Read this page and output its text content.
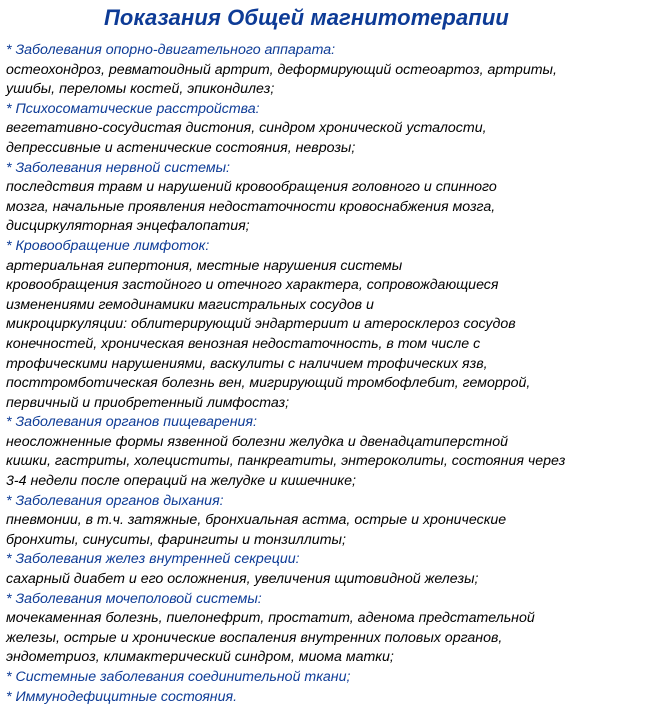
Показания Общей магнитотерапии
* Заболевания опорно-двигательного аппарата:
остеохондроз, ревматоидный артрит, деформирующий остеоартоз, артриты,
ушибы, переломы костей, эпикондилез;
* Психосоматические расстройства:
вегетативно-сосудистая дистония, синдром хронической усталости,
депрессивные и астенические состояния, неврозы;
* Заболевания нервной системы:
последствия травм и нарушений кровообращения головного и спинного
мозга, начальные проявления недостаточности кровоснабжения мозга,
дисциркуляторная энцефалопатия;
* Кровообращение лимфоток:
артериальная гипертония, местные нарушения системы
кровообращения застойного и отечного характера, сопровождающиеся
изменениями гемодинамики магистральных сосудов и
микроциркуляции: облитерирующий эндартериит и атеросклероз сосудов
конечностей, хроническая венозная недостаточность, в том числе с
трофическими нарушениями, васкулиты с наличием трофических язв,
посттромботическая болезнь вен, мигрирующий тромбофлебит, геморрой,
первичный и приобретенный лимфостаз;
* Заболевания органов пищеварения:
неосложненные формы язвенной болезни желудка и двенадцатиперстной
кишки, гастриты, холециститы, панкреатиты, энтероколиты, состояния через
3-4 недели после операций на желудке и кишечнике;
* Заболевания органов дыхания:
пневмонии, в т.ч. затяжные, бронхиальная астма, острые и хронические
бронхиты, синуситы, фарингиты и тонзиллиты;
* Заболевания желез внутренней секреции:
сахарный диабет и его осложнения, увеличения щитовидной железы;
* Заболевания мочеполовой системы:
мочекаменная болезнь, пиелонефрит, простатит, аденома предстательной
железы, острые и хронические воспаления внутренних половых органов,
эндометриоз, климактерический синдром, миома матки;
* Системные заболевания соединительной ткани;
* Иммунодефицитные состояния.
